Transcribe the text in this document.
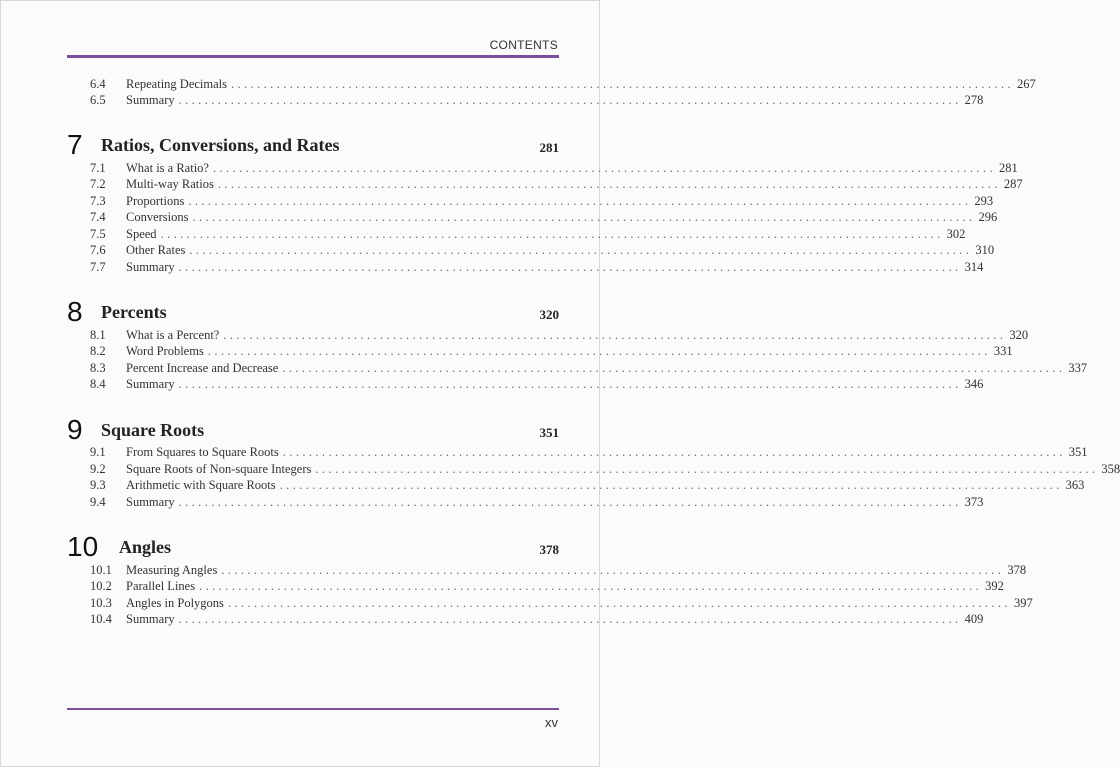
CONTENTS
6.4	Repeating Decimals ........................................................................................................................ 267
6.5	Summary ........................................................................................................................ 278
7 Ratios, Conversions, and Rates	281
7.1	What is a Ratio? ........................................................................................................................ 281
7.2	Multi-way Ratios ........................................................................................................................ 287
7.3	Proportions ........................................................................................................................ 293
7.4	Conversions ........................................................................................................................ 296
7.5	Speed ........................................................................................................................ 302
7.6	Other Rates ........................................................................................................................ 310
7.7	Summary ........................................................................................................................ 314
8 Percents	320
8.1	What is a Percent? ........................................................................................................................ 320
8.2	Word Problems ........................................................................................................................ 331
8.3	Percent Increase and Decrease ........................................................................................................................ 337
8.4	Summary ........................................................................................................................ 346
9 Square Roots	351
9.1	From Squares to Square Roots ........................................................................................................................ 351
9.2	Square Roots of Non-square Integers ........................................................................................................................ 358
9.3	Arithmetic with Square Roots ........................................................................................................................ 363
9.4	Summary ........................................................................................................................ 373
10 Angles	378
10.1	Measuring Angles ........................................................................................................................ 378
10.2	Parallel Lines ........................................................................................................................ 392
10.3	Angles in Polygons ........................................................................................................................ 397
10.4	Summary ........................................................................................................................ 409
xv
